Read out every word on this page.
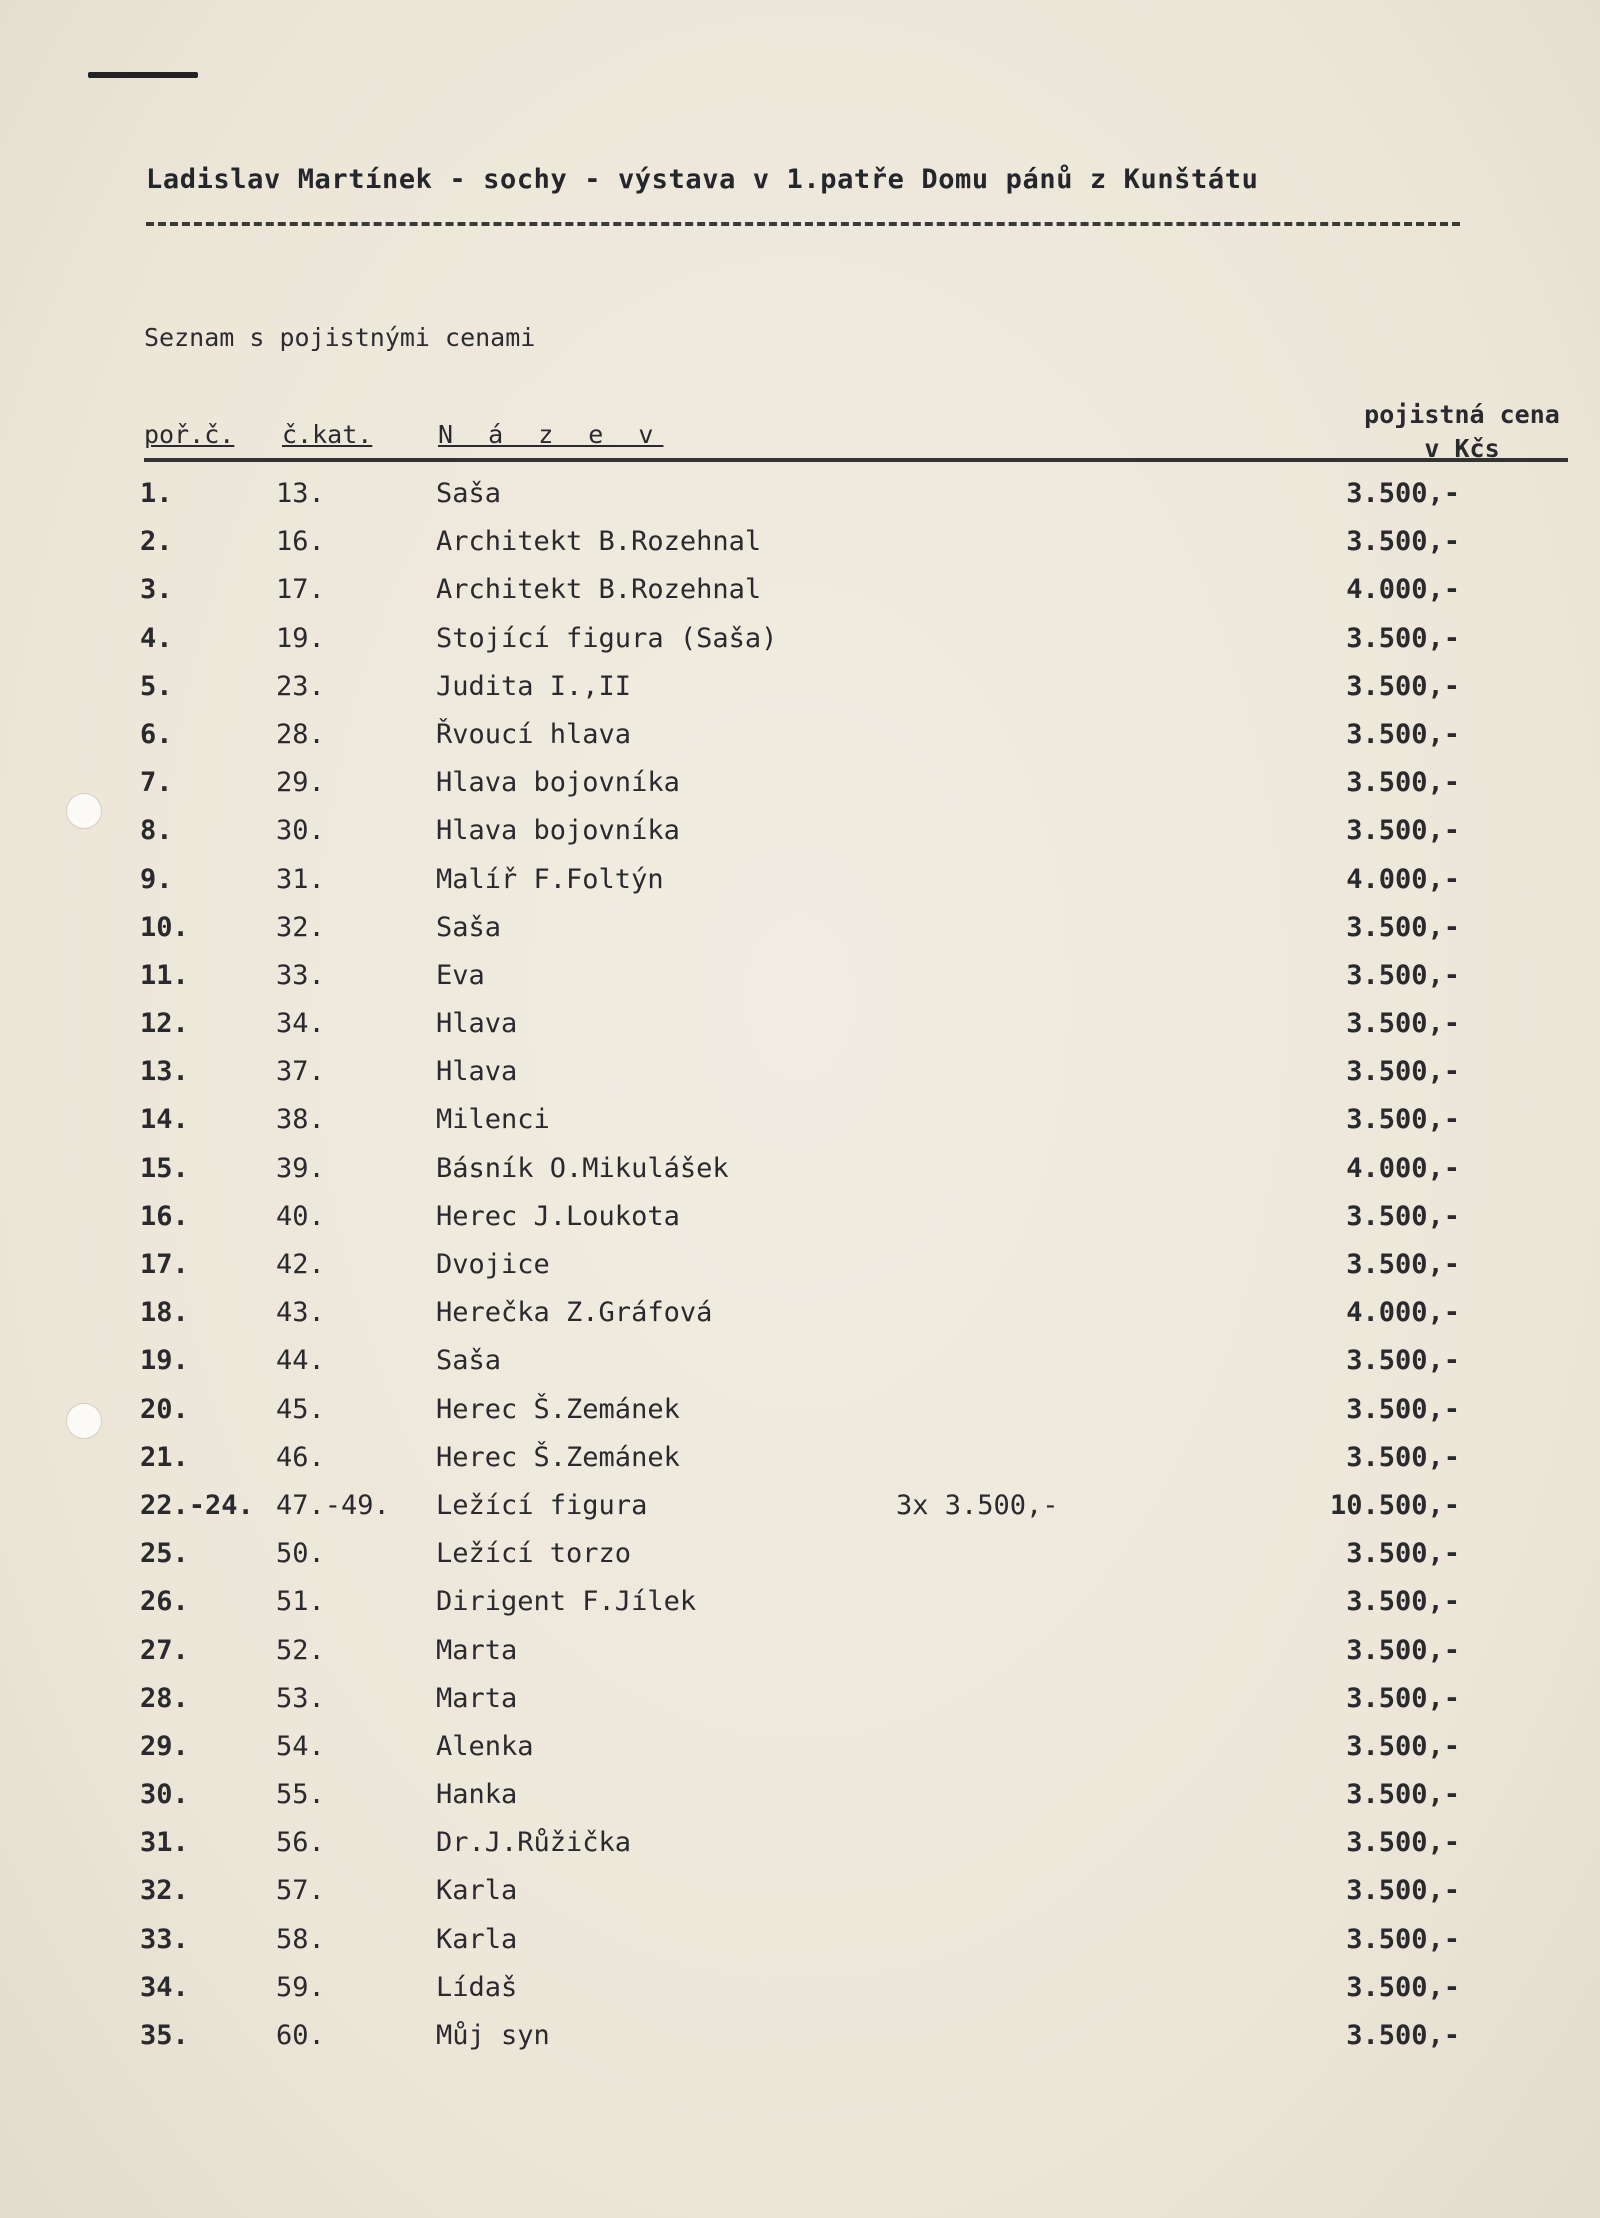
Ladislav Martínek - sochy - výstava v 1.patře Domu pánů z Kunštátu
Seznam s pojistnými cenami
poř.č. č.kat.	N á z e v
pojistná cena
v Kčs
1.	13.	Saša	3.500,-
2.	16.	Architekt B.Rozehnal	3.500,-
3.	17.	Architekt B.Rozehnal	4.000,-
4.	19.	Stojící figura (Saša)	3.500,-
5.	23.	Judita I.,II	3.500,-
6.	28.	Řvoucí hlava	3.500,-
7.	29.	Hlava bojovníka	3.500,-
8.	30.	Hlava bojovníka	3.500,-
9.	31.	Malíř F.Foltýn	4.000,-
10.	32.	Saša	3.500,-
11.	33.	Eva	3.500,-
12.	34.	Hlava	3.500,-
13.	37.	Hlava	3.500,-
14.	38.	Milenci	3.500,-
15.	39.	Básník O.Mikulášek	4.000,-
16.	40.	Herec J.Loukota	3.500,-
17.	42.	Dvojice	3.500,-
18.	43.	Herečka Z.Gráfová	4.000,-
19.	44.	Saša	3.500,-
20.	45.	Herec Š.Zemánek	3.500,-
21.	46.	Herec Š.Zemánek	3.500,-
22.-24. 47.-49. Ležící figura	3x 3.500,-	10.500,-
25.	50.	Ležící torzo	3.500,-
26.	51.	Dirigent F.Jílek	3.500,-
27.	52.	Marta	3.500,-
28.	53.	Marta	3.500,-
29.	54.	Alenka	3.500,-
30.	55.	Hanka	3.500,-
31.	56.	Dr.J.Růžička	3.500,-
32.	57.	Karla	3.500,-
33.	58.	Karla	3.500,-
34.	59.	Lídaš	3.500,-
35.	60.	Můj syn	3.500,-
